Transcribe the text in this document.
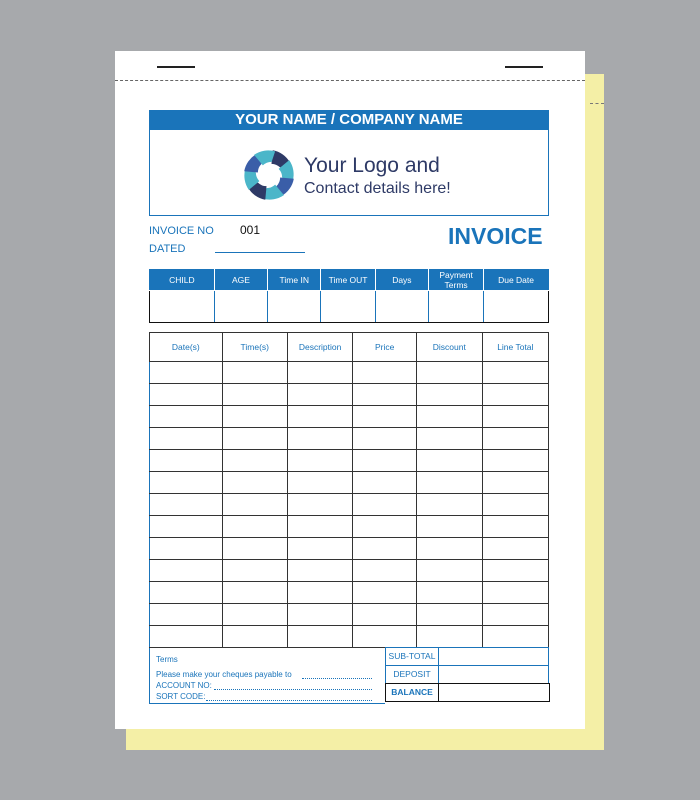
YOUR NAME / COMPANY NAME
Your Logo and
Contact details here!
INVOICE NO 001
DATED	INVOICE
CHILD	AGE	Time IN	Time OUT	Days	Payment Terms	Due Date

Date(s)	Time(s)	Description	Price	Discount	Line Total

Terms
Please make your cheques payable to
ACCOUNT NO:
SORT CODE:
SUB-TOTAL
DEPOSIT
BALANCE
